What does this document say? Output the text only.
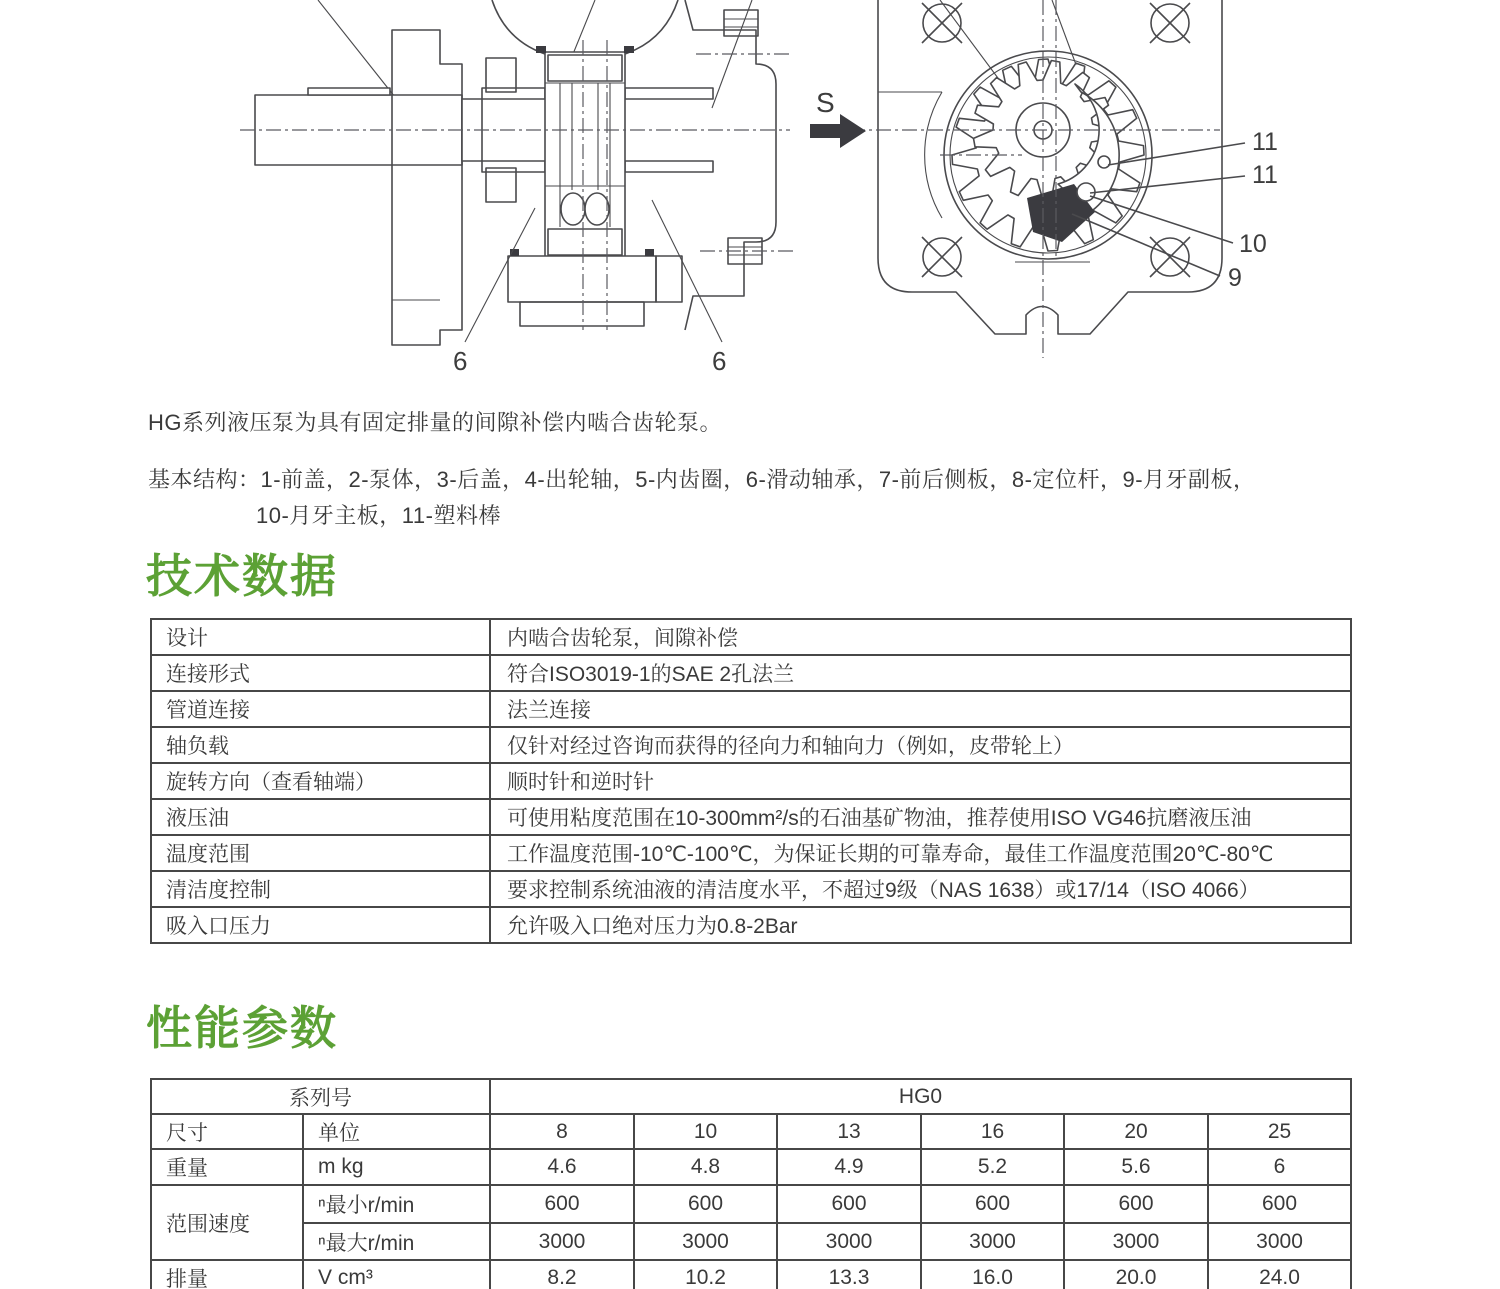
6	6
S
11
11
10
9

HG系列液压泵为具有固定排量的间隙补偿内啮合齿轮泵。

基本结构：1-前盖，2-泵体，3-后盖，4-出轮轴，5-内齿圈，6-滑动轴承，7-前后侧板，8-定位杆，9-月牙副板，
10-月牙主板，11-塑料棒
技术数据
设计	内啮合齿轮泵，间隙补偿
连接形式	符合ISO3019-1的SAE 2孔法兰
管道连接	法兰连接
轴负载	仅针对经过咨询而获得的径向力和轴向力（例如，皮带轮上）
旋转方向（查看轴端）	顺时针和逆时针
液压油	可使用粘度范围在10-300mm²/s的石油基矿物油，推荐使用ISO VG46抗磨液压油
温度范围	工作温度范围-10℃-100℃，为保证长期的可靠寿命，最佳工作温度范围20℃-80℃
清洁度控制	要求控制系统油液的清洁度水平，不超过9级（NAS 1638）或17/14（ISO 4066）
吸入口压力	允许吸入口绝对压力为0.8-2Bar
性能参数
系列号		HG0					
尺寸	单位	8	10	13	16	20	25
重量	m kg	4.6	4.8	4.9	5.2	5.6	6
范围速度	ⁿ最小r/min	600	600	600	600	600	600
	ⁿ最大r/min	3000	3000	3000	3000	3000	3000
排量	V cm³	8.2	10.2	13.3	16.0	20.0	24.0
